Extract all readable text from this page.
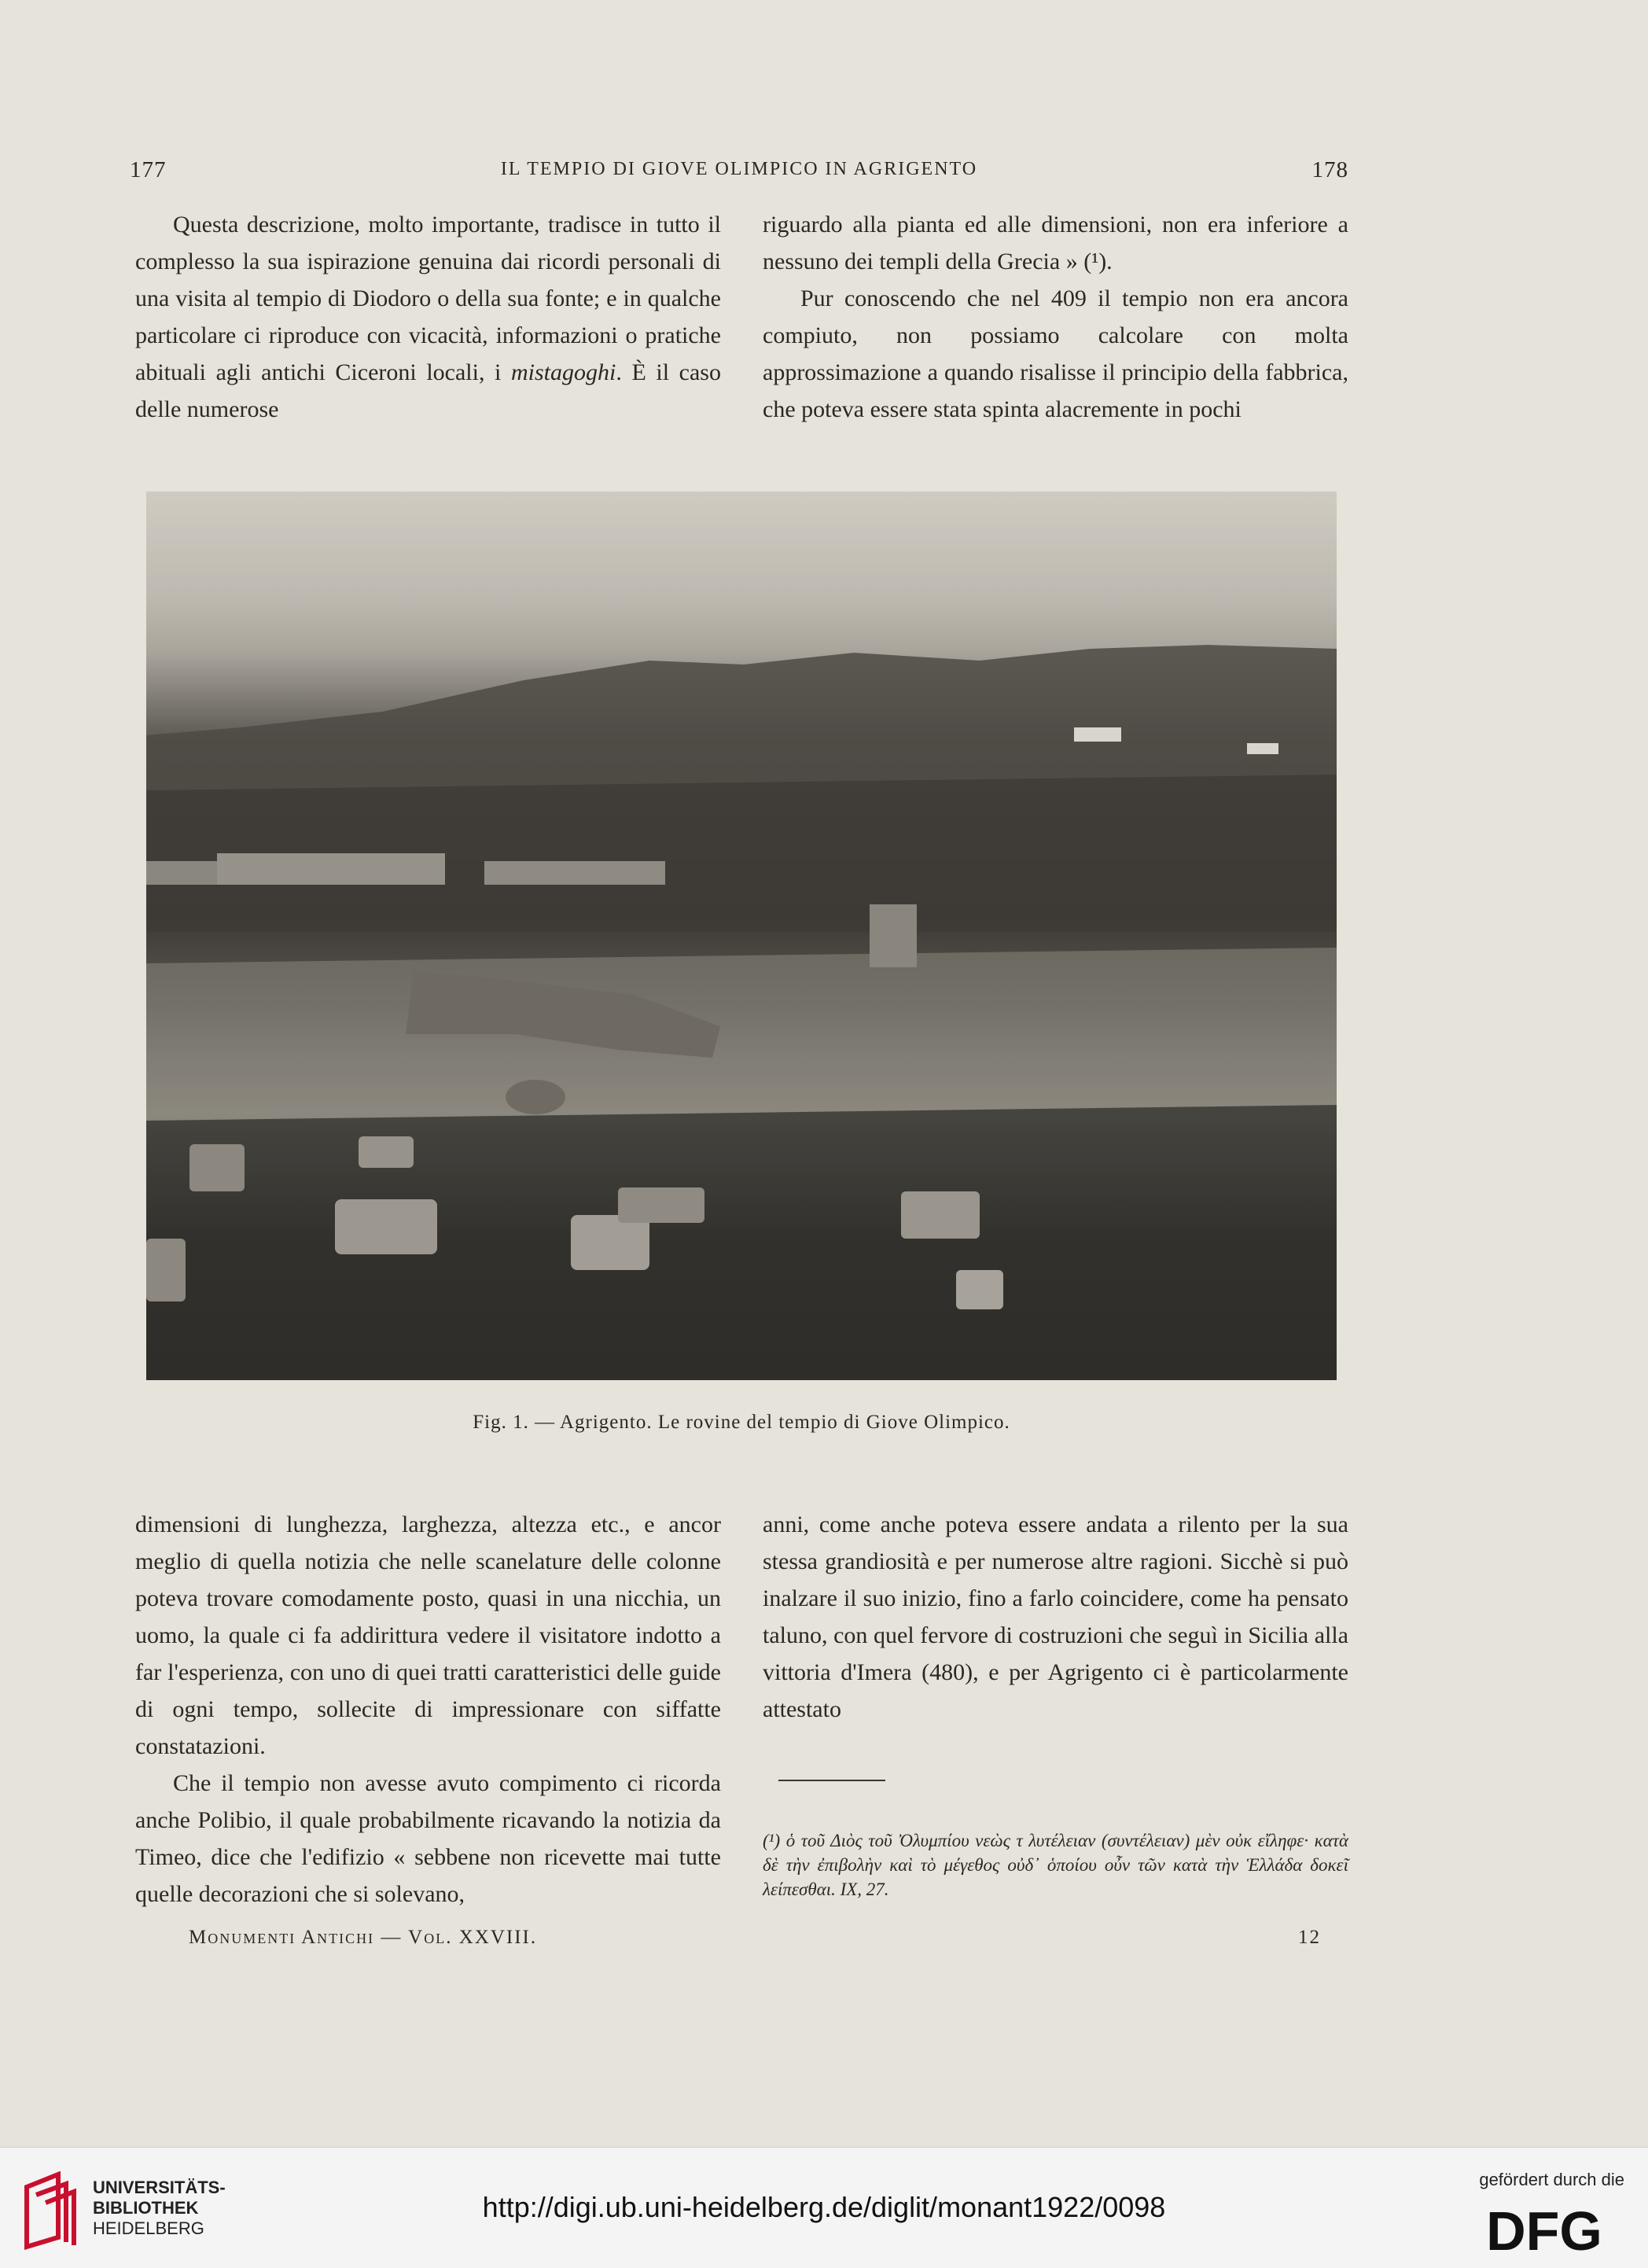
177	IL TEMPIO DI GIOVE OLIMPICO IN AGRIGENTO	178

Questa descrizione, molto importante, tradisce in tutto il complesso la sua ispirazione genuina dai ricordi personali di una visita al tempio di Diodoro o della sua fonte; e in qualche particolare ci riproduce con vicacità, informazioni o pratiche abituali agli antichi Ciceroni locali, i mistagoghi. È il caso delle numerose

riguardo alla pianta ed alle dimensioni, non era inferiore a nessuno dei templi della Grecia » (¹).

Pur conoscendo che nel 409 il tempio non era ancora compiuto, non possiamo calcolare con molta approssimazione a quando risalisse il principio della fabbrica, che poteva essere stata spinta alacremente in pochi

Fig. 1. — Agrigento. Le rovine del tempio di Giove Olimpico.

dimensioni di lunghezza, larghezza, altezza etc., e ancor meglio di quella notizia che nelle scanelature delle colonne poteva trovare comodamente posto, quasi in una nicchia, un uomo, la quale ci fa addirittura vedere il visitatore indotto a far l'esperienza, con uno di quei tratti caratteristici delle guide di ogni tempo, sollecite di impressionare con siffatte constatazioni.

Che il tempio non avesse avuto compimento ci ricorda anche Polibio, il quale probabilmente ricavando la notizia da Timeo, dice che l'edifizio « sebbene non ricevette mai tutte quelle decorazioni che si solevano,

anni, come anche poteva essere andata a rilento per la sua stessa grandiosità e per numerose altre ragioni. Sicchè si può inalzare il suo inizio, fino a farlo coincidere, come ha pensato taluno, con quel fervore di costruzioni che seguì in Sicilia alla vittoria d'Imera (480), e per Agrigento ci è particolarmente attestato

(¹) ὁ τοῦ Διὸς τοῦ Ὀλυμπίου νεὼς τ λυτέλειαν (συντέλειαν) μὲν οὐκ εἴληφε· κατὰ δὲ τὴν ἐπιβολὴν καὶ τὸ μέγεθος οὐδ᾽ ὁποίου οὖν τῶν κατὰ τὴν Ἑλλάδα δοκεῖ λείπεσθαι. IX, 27.
Monumenti Antichi — Vol. XXVIII.	12
UNIVERSITÄTS-
BIBLIOTHEK
HEIDELBERG
http://digi.ub.uni-heidelberg.de/diglit/monant1922/0098
gefördert durch die
DFG
